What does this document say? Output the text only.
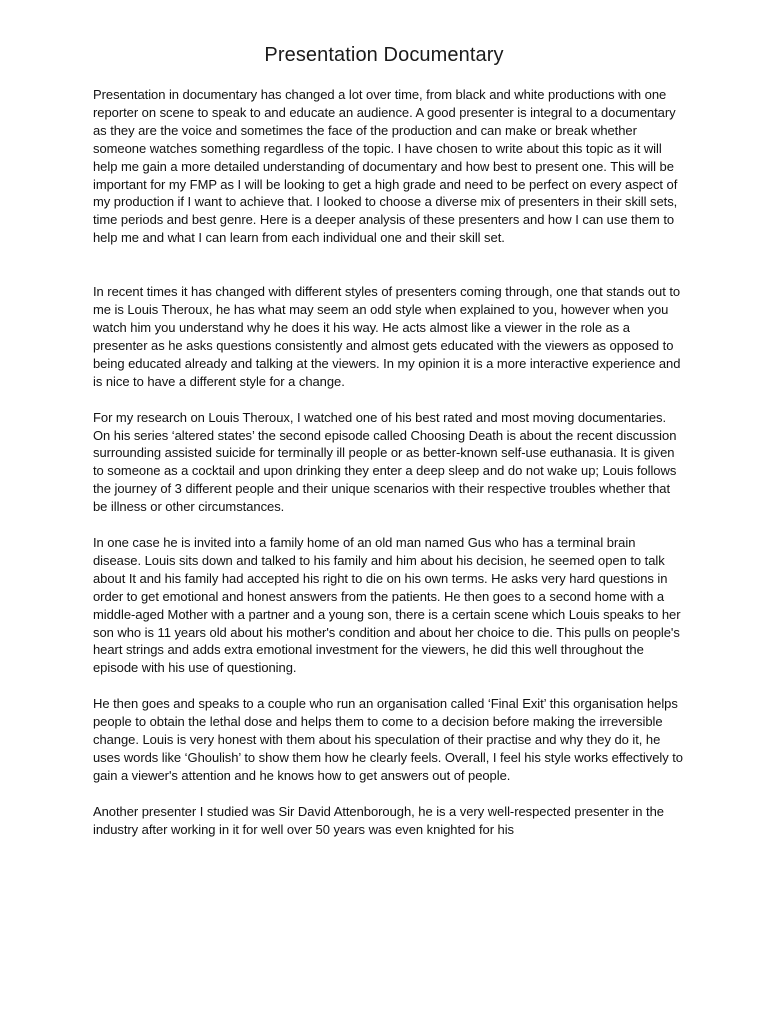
Presentation Documentary

Presentation in documentary has changed a lot over time, from black and white productions with one reporter on scene to speak to and educate an audience. A good presenter is integral to a documentary as they are the voice and sometimes the face of the production and can make or break whether someone watches something regardless of the topic. I have chosen to write about this topic as it will help me gain a more detailed understanding of documentary and how best to present one. This will be important for my FMP as I will be looking to get a high grade and need to be perfect on every aspect of my production if I want to achieve that. I looked to choose a diverse mix of presenters in their skill sets, time periods and best genre. Here is a deeper analysis of these presenters and how I can use them to help me and what I can learn from each individual one and their skill set.

In recent times it has changed with different styles of presenters coming through, one that stands out to me is Louis Theroux, he has what may seem an odd style when explained to you, however when you watch him you understand why he does it his way. He acts almost like a viewer in the role as a presenter as he asks questions consistently and almost gets educated with the viewers as opposed to being educated already and talking at the viewers. In my opinion it is a more interactive experience and is nice to have a different style for a change.

For my research on Louis Theroux, I watched one of his best rated and most moving documentaries. On his series ‘altered states’ the second episode called Choosing Death is about the recent discussion surrounding assisted suicide for terminally ill people or as better-known self-use euthanasia. It is given to someone as a cocktail and upon drinking they enter a deep sleep and do not wake up; Louis follows the journey of 3 different people and their unique scenarios with their respective troubles whether that be illness or other circumstances.

In one case he is invited into a family home of an old man named Gus who has a terminal brain disease. Louis sits down and talked to his family and him about his decision, he seemed open to talk about It and his family had accepted his right to die on his own terms. He asks very hard questions in order to get emotional and honest answers from the patients. He then goes to a second home with a middle-aged Mother with a partner and a young son, there is a certain scene which Louis speaks to her son who is 11 years old about his mother's condition and about her choice to die. This pulls on people's heart strings and adds extra emotional investment for the viewers, he did this well throughout the episode with his use of questioning.

He then goes and speaks to a couple who run an organisation called ‘Final Exit’ this organisation helps people to obtain the lethal dose and helps them to come to a decision before making the irreversible change. Louis is very honest with them about his speculation of their practise and why they do it, he uses words like ‘Ghoulish’ to show them how he clearly feels. Overall, I feel his style works effectively to gain a viewer's attention and he knows how to get answers out of people.

Another presenter I studied was Sir David Attenborough, he is a very well-respected presenter in the industry after working in it for well over 50 years was even knighted for his
